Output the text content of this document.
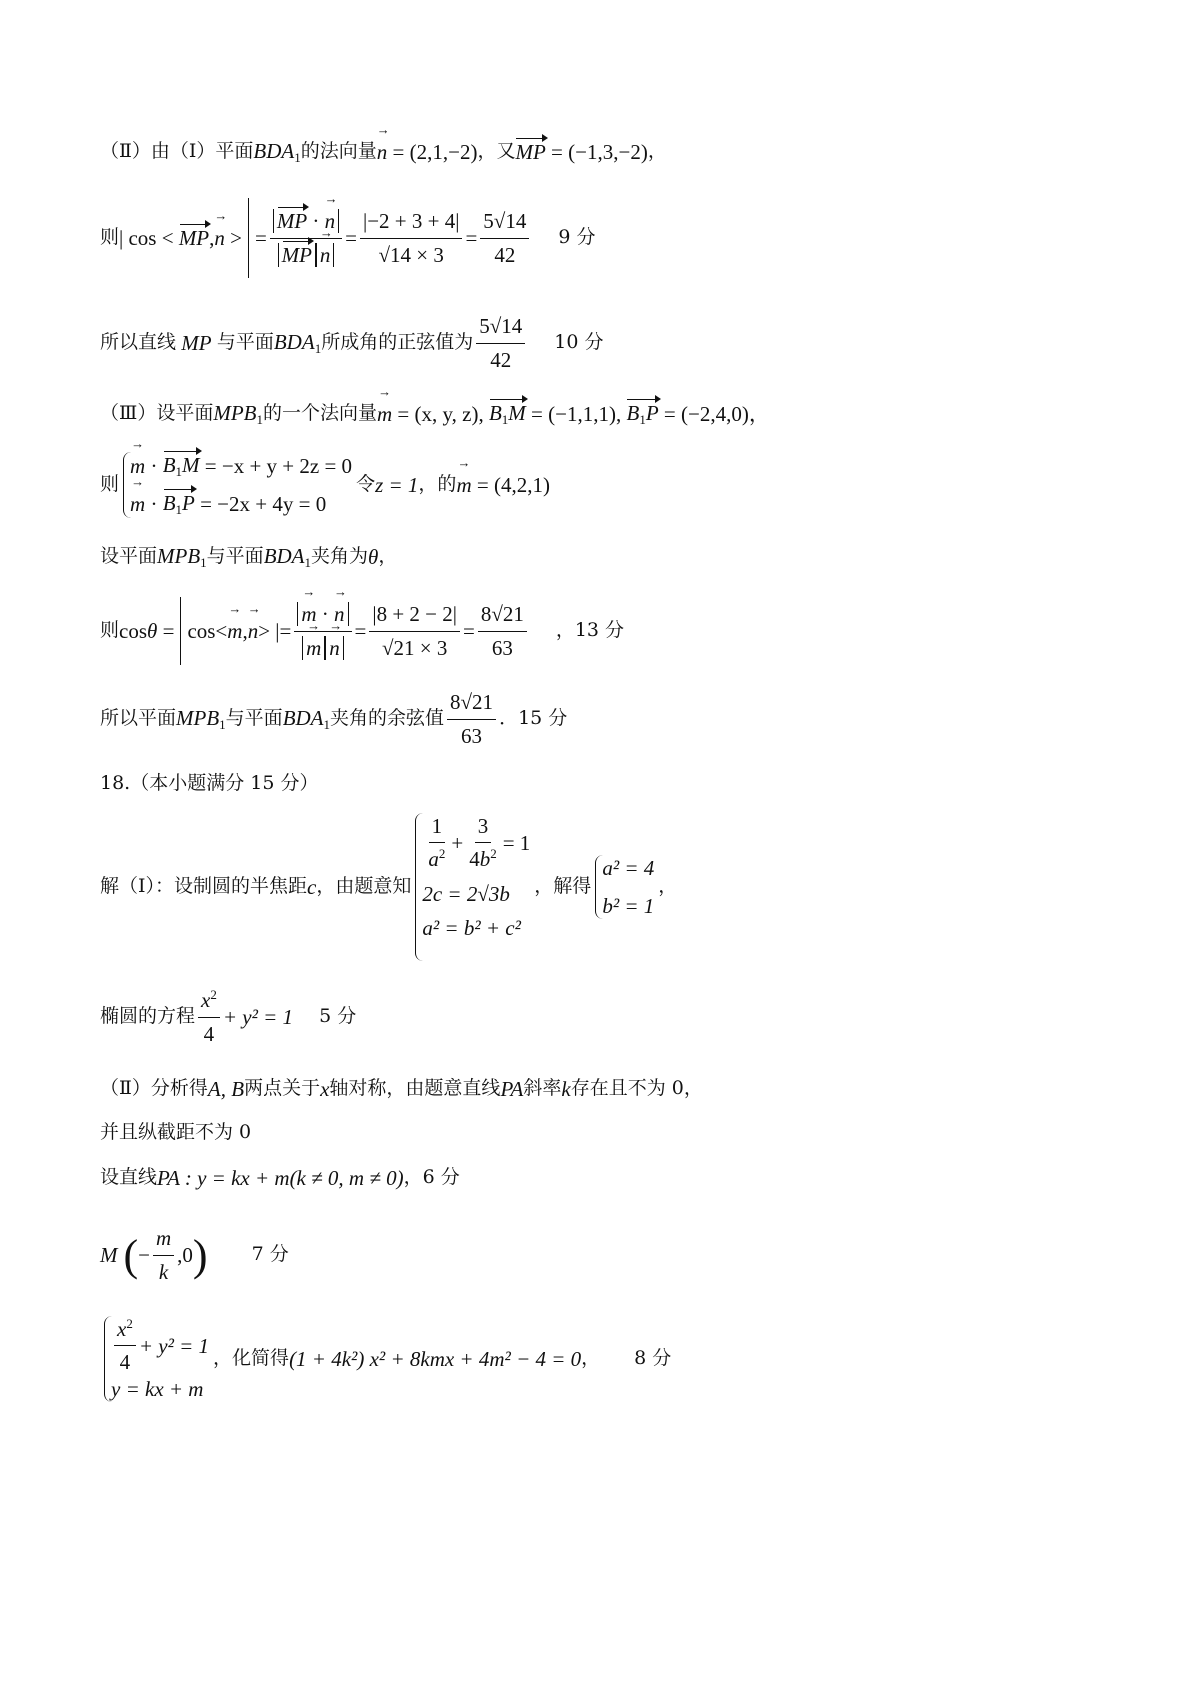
（Ⅱ）由（Ⅰ）平面 $BDA_1$ 的法向量 n → = (2,1,−2) ，又 MP = (−1,3,−2) ，
则 | cos < MP,n → > = $\frac{MP \cdot n \to}{\text{MP n}}$ → = $\frac{|-2 + 3 + 4|}{√14 \times 3} = \frac{5√14}{42} 9$ 分
所以直线 MP 与平面 $BDA_1$ 所成角的正弦值为 $\frac{5√14}{42} 10$ 分
（Ⅲ）设平面 $MPB_1$ 的一个法向量 m → = (x, y, z), $B_1M = (-1,1,1)$, $B_1P = (-2,4,0)$，
则
m → · $B_1M$
= −x + y + 2z = 0
m → · $B_1P$
= −2x + 4y = 0
令 z = 1 ，的 m → = (4,2,1)
设平面 $MPB_1$ 与平面 $BDA_1$ 夹角为 θ ，
则 cosθ = cos<m →,n →> |= $\frac{m \to \cdot n \to}{m \to n}$ → = $\frac{|8 + 2 - 2|}{√21 \times 3} = \frac{8√21}{63}$ ，13 分
所以平面 $MPB_1$ 与平面 $BDA_1$ 夹角的余弦值 $\frac{8√21}{63}$ ．15 分
18.（本小题满分 15 分）
解（Ⅰ）：设制圆的半焦距 c ，由题意知
$\frac{1}{a^2} + \frac{3}{4b^2} = 1$
2c = 2√3b
a² = b² + c²
，解得
a² = 4
b² = 1
，
椭圆的方程 $\frac{x^2}{4} + y^2 = 1$ 5 分
（Ⅱ）分析得 A, B 两点关于 x 轴对称，由题意直线 PA 斜率 k 存在且不为 0，
并且纵截距不为 0
设直线 PA : y = kx + m (k ≠ 0, m ≠ 0) ，6 分
M ( − $\frac{m}{k} ,0$ ) 7 分
$\frac{x^2}{4} + y^2 = 1$
y = kx + m
，化简得 (1 + 4k²) x² + 8kmx + 4m² − 4 = 0 ， 8 分
